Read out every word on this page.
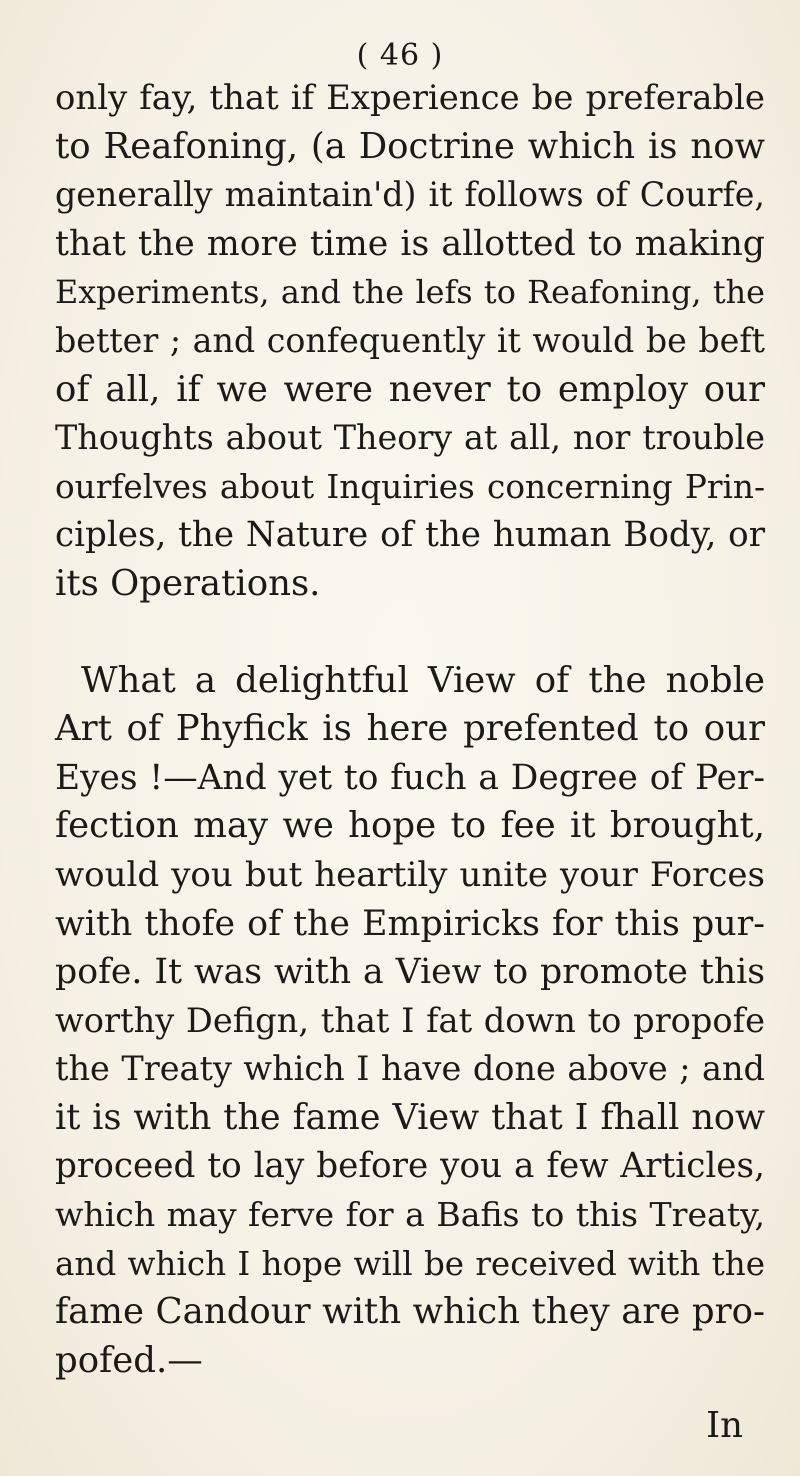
( 46 )
only fay, that if Experience be preferable
to Reafoning, (a Doctrine which is now
generally maintain'd) it follows of Courfe,
that the more time is allotted to making
Experiments, and the lefs to Reafoning, the
better ; and confequently it would be beft
of all, if we were never to employ our
Thoughts about Theory at all, nor trouble
ourfelves about Inquiries concerning Prin-
ciples, the Nature of the human Body, or
its Operations.
What a delightful View of the noble
Art of Phyfick is here prefented to our
Eyes !—And yet to fuch a Degree of Per-
fection may we hope to fee it brought,
would you but heartily unite your Forces
with thofe of the Empiricks for this pur-
pofe. It was with a View to promote this
worthy Defign, that I fat down to propofe
the Treaty which I have done above ; and
it is with the fame View that I fhall now
proceed to lay before you a few Articles,
which may ferve for a Bafis to this Treaty,
and which I hope will be received with the
fame Candour with which they are pro-
pofed.—
In
